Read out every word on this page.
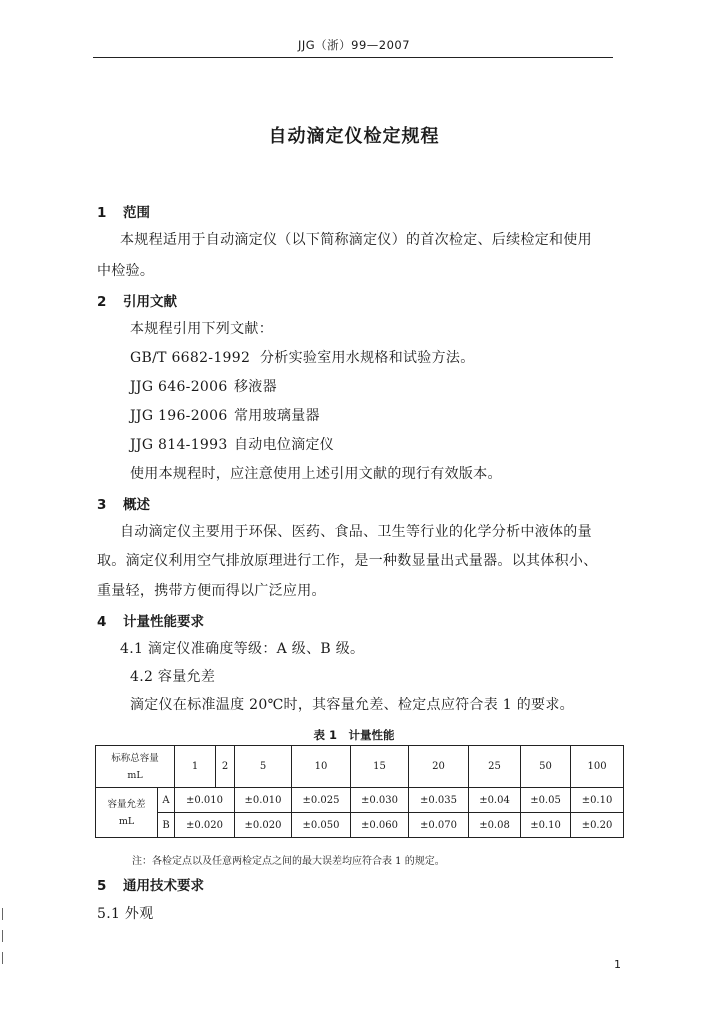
JJG（浙）99—2007
自动滴定仪检定规程
1 范围
本规程适用于自动滴定仪（以下简称滴定仪）的首次检定、后续检定和使用
中检验。
2 引用文献
本规程引用下列文献：
GB/T 6682-1992 分析实验室用水规格和试验方法。
JJG 646-2006 移液器
JJG 196-2006 常用玻璃量器
JJG 814-1993 自动电位滴定仪
使用本规程时，应注意使用上述引用文献的现行有效版本。
3 概述
自动滴定仪主要用于环保、医药、食品、卫生等行业的化学分析中液体的量
取。滴定仪利用空气排放原理进行工作，是一种数显量出式量器。以其体积小、
重量轻，携带方便而得以广泛应用。
4 计量性能要求
4.1 滴定仪准确度等级：A 级、B 级。
4.2 容量允差
滴定仪在标准温度 20℃时，其容量允差、检定点应符合表 1 的要求。
表 1　计量性能
标称总容量
mL		1	2	5	10	15	20	25	50	100
容量允差
mL	A	±0.010		±0.010	±0.025	±0.030	±0.035	±0.04	±0.05	±0.10
	B	±0.020		±0.020	±0.050	±0.060	±0.070	±0.08	±0.10	±0.20
注：各检定点以及任意两检定点之间的最大误差均应符合表 1 的规定。
5 通用技术要求
5.1 外观
1
